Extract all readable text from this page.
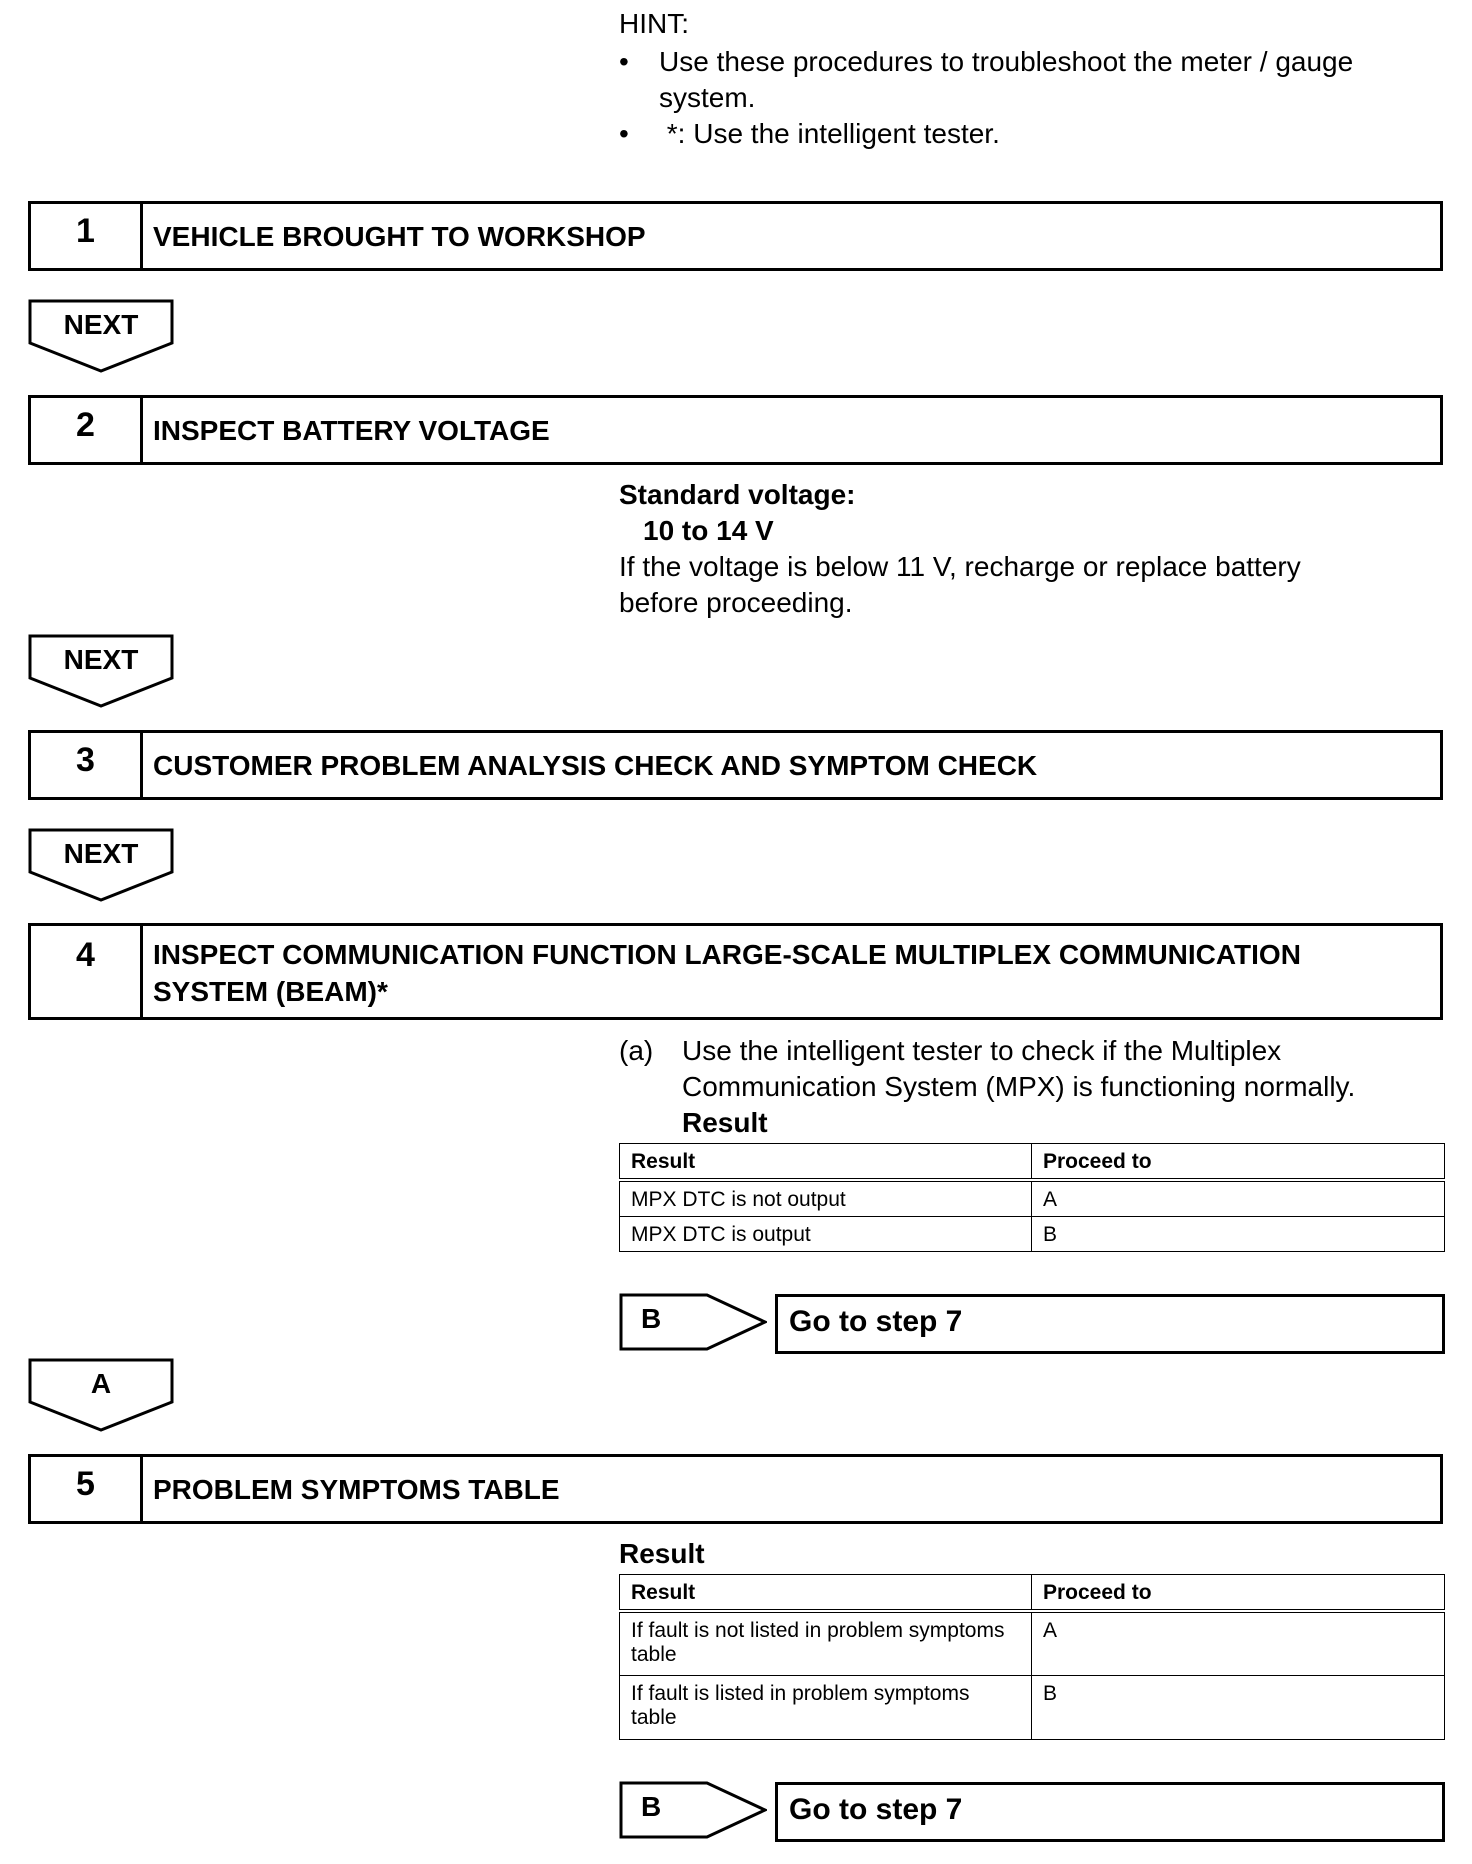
HINT:
•	Use these procedures to troubleshoot the meter / gauge
system.
•	*: Use the intelligent tester.
1	VEHICLE BROUGHT TO WORKSHOP
NEXT
2	INSPECT BATTERY VOLTAGE
Standard voltage:
10 to 14 V
If the voltage is below 11 V, recharge or replace battery
before proceeding.
NEXT
3	CUSTOMER PROBLEM ANALYSIS CHECK AND SYMPTOM CHECK
NEXT
4	INSPECT COMMUNICATION FUNCTION LARGE-SCALE MULTIPLEX COMMUNICATION
SYSTEM (BEAM)*
(a) Use the intelligent tester to check if the Multiplex
Communication System (MPX) is functioning normally.
Result
Result	Proceed to
MPX DTC is not output	A
MPX DTC is output	B
B	Go to step 7
A
5	PROBLEM SYMPTOMS TABLE
Result
Result	Proceed to
If fault is not listed in problem symptoms table	A
If fault is listed in problem symptoms table	B
B	Go to step 7
